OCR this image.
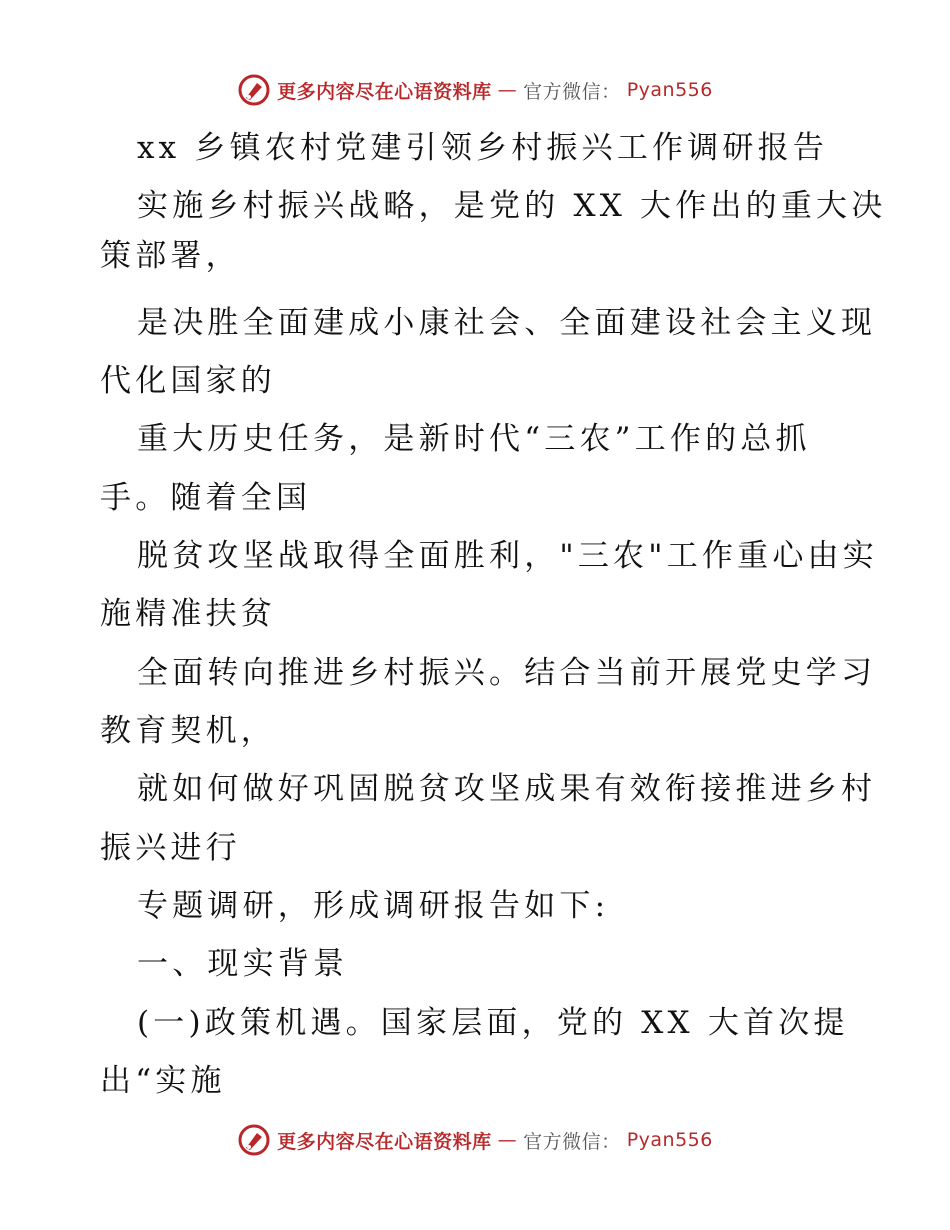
更多内容尽在心语资料库 — 官方微信： Pyan556
xx 乡镇农村党建引领乡村振兴工作调研报告
实施乡村振兴战略，是党的 XX 大作出的重大决
策部署，
是决胜全面建成小康社会、全面建设社会主义现
代化国家的
重大历史任务，是新时代“三农”工作的总抓
手。随着全国
脱贫攻坚战取得全面胜利，"三农"工作重心由实
施精准扶贫
全面转向推进乡村振兴。结合当前开展党史学习
教育契机，
就如何做好巩固脱贫攻坚成果有效衔接推进乡村
振兴进行
专题调研，形成调研报告如下:
一、现实背景
(一)政策机遇。国家层面，党的 XX 大首次提
出“实施
更多内容尽在心语资料库 — 官方微信： Pyan556
